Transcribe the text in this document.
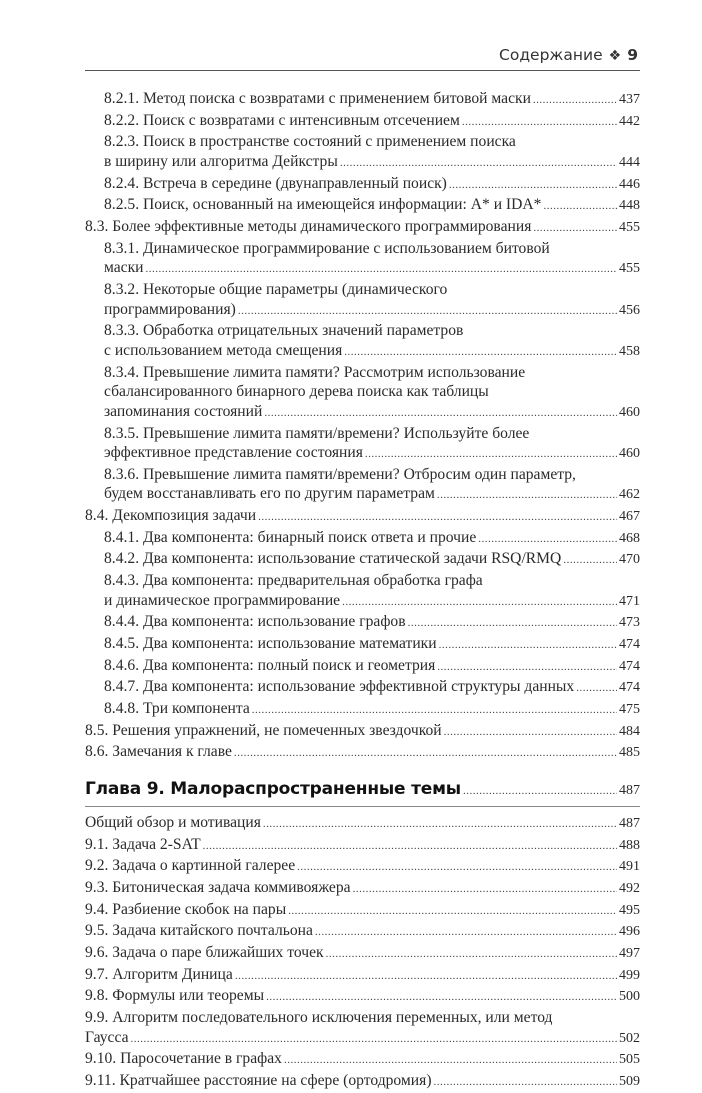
Содержание ❖ 9
8.2.1. Метод поиска с возвратами с применением битовой маски .....	437
8.2.2. Поиск с возвратами с интенсивным отсечением .....	442
8.2.3. Поиск в пространстве состояний с применением поиска
в ширину или алгоритма Дейкстры .....	444
8.2.4. Встреча в середине (двунаправленный поиск) .....	446
8.2.5. Поиск, основанный на имеющейся информации: A* и IDA* .....	448
8.3. Более эффективные методы динамического программирования .....	455
8.3.1. Динамическое программирование с использованием битовой
маски .....	455
8.3.2. Некоторые общие параметры (динамического
программирования) .....	456
8.3.3. Обработка отрицательных значений параметров
с использованием метода смещения .....	458
8.3.4. Превышение лимита памяти? Рассмотрим использование
сбалансированного бинарного дерева поиска как таблицы
запоминания состояний .....	460
8.3.5. Превышение лимита памяти/времени? Используйте более
эффективное представление состояния .....	460
8.3.6. Превышение лимита памяти/времени? Отбросим один параметр,
будем восстанавливать его по другим параметрам .....	462
8.4. Декомпозиция задачи .....	467
8.4.1. Два компонента: бинарный поиск ответа и прочие .....	468
8.4.2. Два компонента: использование статической задачи RSQ/RMQ .....	470
8.4.3. Два компонента: предварительная обработка графа
и динамическое программирование .....	471
8.4.4. Два компонента: использование графов .....	473
8.4.5. Два компонента: использование математики .....	474
8.4.6. Два компонента: полный поиск и геометрия .....	474
8.4.7. Два компонента: использование эффективной структуры данных .....	474
8.4.8. Три компонента .....	475
8.5. Решения упражнений, не помеченных звездочкой .....	484
8.6. Замечания к главе .....	485
Глава 9. Малораспространенные темы .....	487
Общий обзор и мотивация .....	487
9.1. Задача 2-SAT .....	488
9.2. Задача о картинной галерее .....	491
9.3. Битоническая задача коммивояжера .....	492
9.4. Разбиение скобок на пары .....	495
9.5. Задача китайского почтальона .....	496
9.6. Задача о паре ближайших точек .....	497
9.7. Алгоритм Диница .....	499
9.8. Формулы или теоремы .....	500
9.9. Алгоритм последовательного исключения переменных, или метод
Гаусса .....	502
9.10. Паросочетание в графах .....	505
9.11. Кратчайшее расстояние на сфере (ортодромия) .....	509
